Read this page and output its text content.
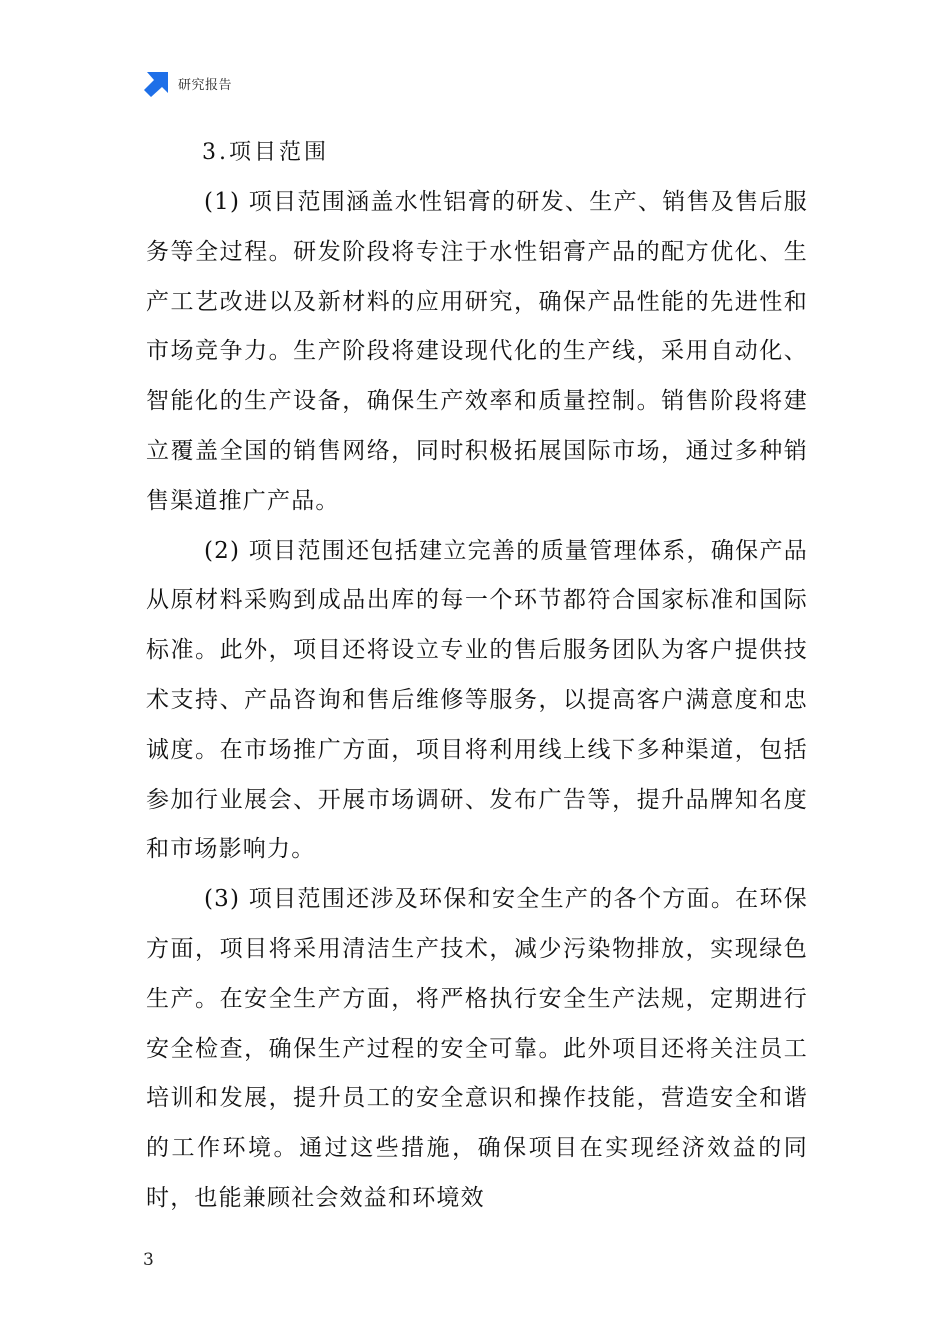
研究报告
3.项目范围

(1) 项目范围涵盖水性铝膏的研发、生产、销售及售后服务等全过程。研发阶段将专注于水性铝膏产品的配方优化、生产工艺改进以及新材料的应用研究，确保产品性能的先进性和市场竞争力。生产阶段将建设现代化的生产线，采用自动化、智能化的生产设备，确保生产效率和质量控制。销售阶段将建立覆盖全国的销售网络，同时积极拓展国际市场，通过多种销售渠道推广产品。

(2) 项目范围还包括建立完善的质量管理体系，确保产品从原材料采购到成品出库的每一个环节都符合国家标准和国际标准。此外，项目还将设立专业的售后服务团队为客户提供技术支持、产品咨询和售后维修等服务，以提高客户满意度和忠诚度。在市场推广方面，项目将利用线上线下多种渠道，包括参加行业展会、开展市场调研、发布广告等，提升品牌知名度和市场影响力。

(3) 项目范围还涉及环保和安全生产的各个方面。在环保方面，项目将采用清洁生产技术，减少污染物排放，实现绿色生产。在安全生产方面，将严格执行安全生产法规，定期进行安全检查，确保生产过程的安全可靠。此外项目还将关注员工培训和发展，提升员工的安全意识和操作技能，营造安全和谐的工作环境。通过这些措施，确保项目在实现经济效益的同时，也能兼顾社会效益和环境效

3
